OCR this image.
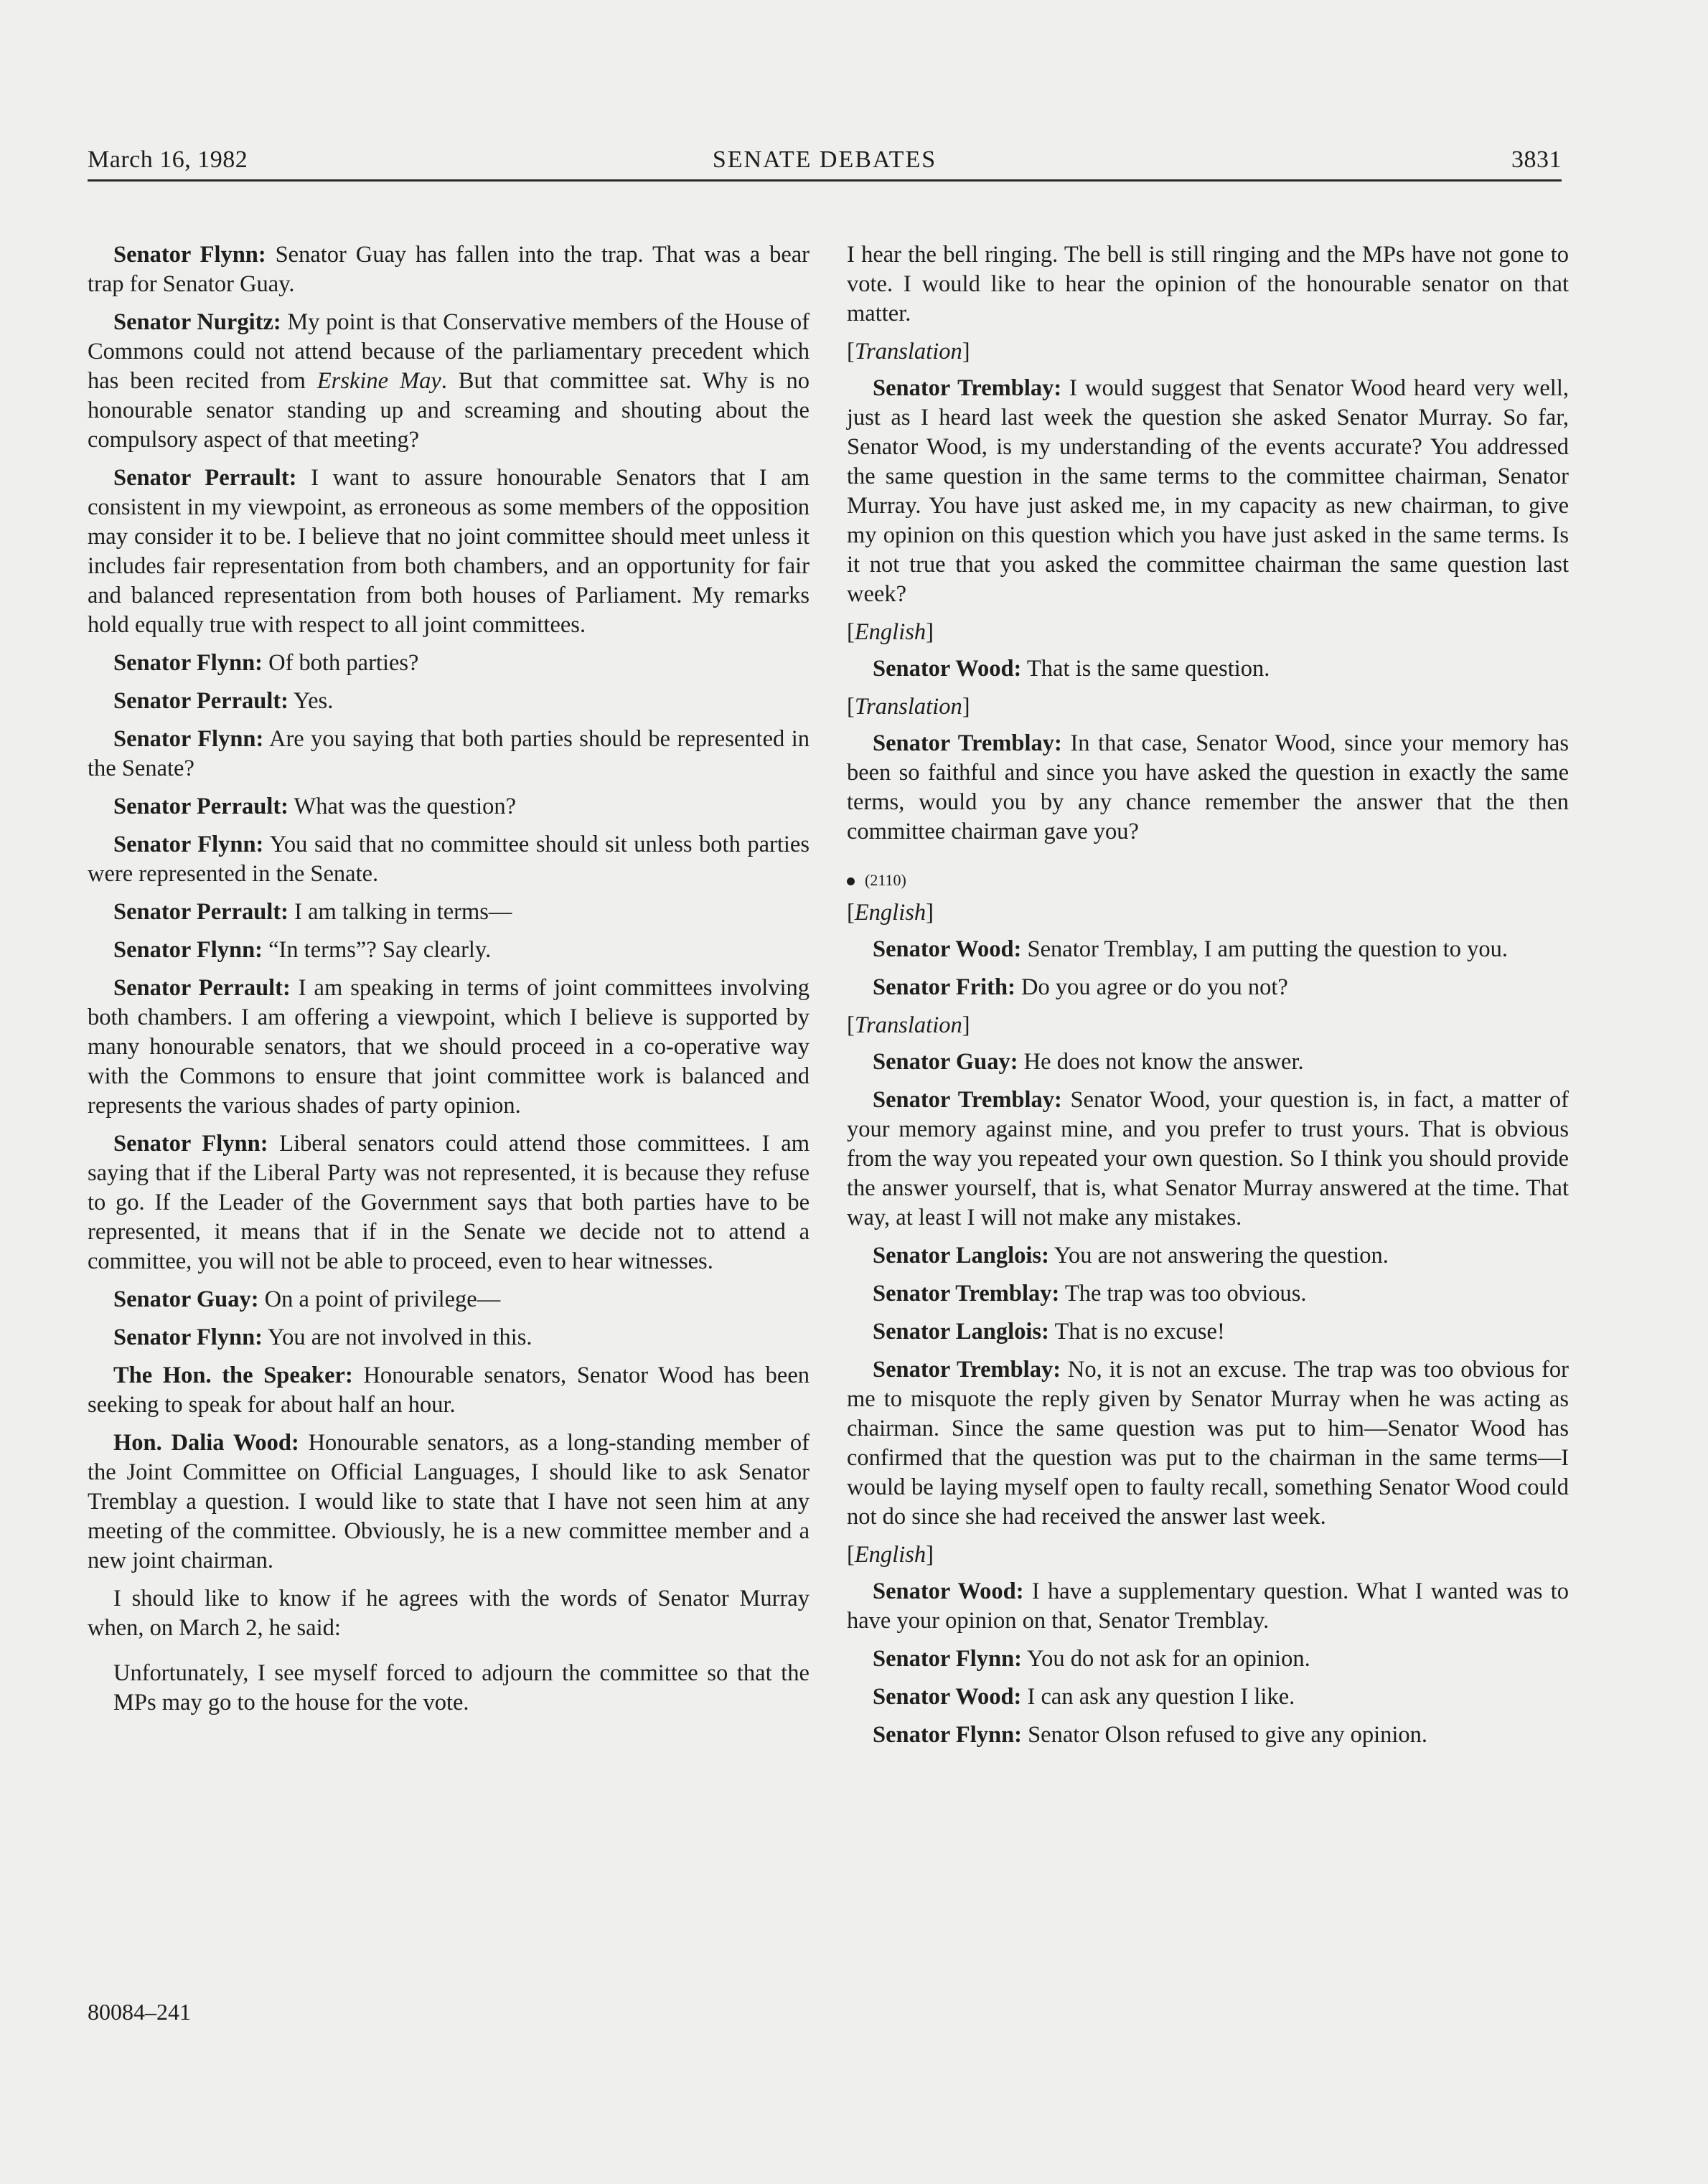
March 16, 1982	SENATE DEBATES	3831
Senator Flynn: Senator Guay has fallen into the trap. That was a bear trap for Senator Guay.
Senator Nurgitz: My point is that Conservative members of the House of Commons could not attend because of the parliamentary precedent which has been recited from Erskine May. But that committee sat. Why is no honourable senator standing up and screaming and shouting about the compulsory aspect of that meeting?
Senator Perrault: I want to assure honourable Senators that I am consistent in my viewpoint, as erroneous as some members of the opposition may consider it to be. I believe that no joint committee should meet unless it includes fair representation from both chambers, and an opportunity for fair and balanced representation from both houses of Parliament. My remarks hold equally true with respect to all joint committees.
Senator Flynn: Of both parties?
Senator Perrault: Yes.
Senator Flynn: Are you saying that both parties should be represented in the Senate?
Senator Perrault: What was the question?
Senator Flynn: You said that no committee should sit unless both parties were represented in the Senate.
Senator Perrault: I am talking in terms—
Senator Flynn: “In terms”? Say clearly.
Senator Perrault: I am speaking in terms of joint committees involving both chambers. I am offering a viewpoint, which I believe is supported by many honourable senators, that we should proceed in a co-operative way with the Commons to ensure that joint committee work is balanced and represents the various shades of party opinion.
Senator Flynn: Liberal senators could attend those committees. I am saying that if the Liberal Party was not represented, it is because they refuse to go. If the Leader of the Government says that both parties have to be represented, it means that if in the Senate we decide not to attend a committee, you will not be able to proceed, even to hear witnesses.
Senator Guay: On a point of privilege—
Senator Flynn: You are not involved in this.
The Hon. the Speaker: Honourable senators, Senator Wood has been seeking to speak for about half an hour.
Hon. Dalia Wood: Honourable senators, as a long-standing member of the Joint Committee on Official Languages, I should like to ask Senator Tremblay a question. I would like to state that I have not seen him at any meeting of the committee. Obviously, he is a new committee member and a new joint chairman.
I should like to know if he agrees with the words of Senator Murray when, on March 2, he said:
Unfortunately, I see myself forced to adjourn the committee so that the MPs may go to the house for the vote.
I hear the bell ringing. The bell is still ringing and the MPs have not gone to vote. I would like to hear the opinion of the honourable senator on that matter.
[Translation]
Senator Tremblay: I would suggest that Senator Wood heard very well, just as I heard last week the question she asked Senator Murray. So far, Senator Wood, is my understanding of the events accurate? You addressed the same question in the same terms to the committee chairman, Senator Murray. You have just asked me, in my capacity as new chairman, to give my opinion on this question which you have just asked in the same terms. Is it not true that you asked the committee chairman the same question last week?
[English]
Senator Wood: That is the same question.
[Translation]
Senator Tremblay: In that case, Senator Wood, since your memory has been so faithful and since you have asked the question in exactly the same terms, would you by any chance remember the answer that the then committee chairman gave you?
(2110)
[English]
Senator Wood: Senator Tremblay, I am putting the question to you.
Senator Frith: Do you agree or do you not?
[Translation]
Senator Guay: He does not know the answer.
Senator Tremblay: Senator Wood, your question is, in fact, a matter of your memory against mine, and you prefer to trust yours. That is obvious from the way you repeated your own question. So I think you should provide the answer yourself, that is, what Senator Murray answered at the time. That way, at least I will not make any mistakes.
Senator Langlois: You are not answering the question.
Senator Tremblay: The trap was too obvious.
Senator Langlois: That is no excuse!
Senator Tremblay: No, it is not an excuse. The trap was too obvious for me to misquote the reply given by Senator Murray when he was acting as chairman. Since the same question was put to him—Senator Wood has confirmed that the question was put to the chairman in the same terms—I would be laying myself open to faulty recall, something Senator Wood could not do since she had received the answer last week.
[English]
Senator Wood: I have a supplementary question. What I wanted was to have your opinion on that, Senator Tremblay.
Senator Flynn: You do not ask for an opinion.
Senator Wood: I can ask any question I like.
Senator Flynn: Senator Olson refused to give any opinion.
80084–241
